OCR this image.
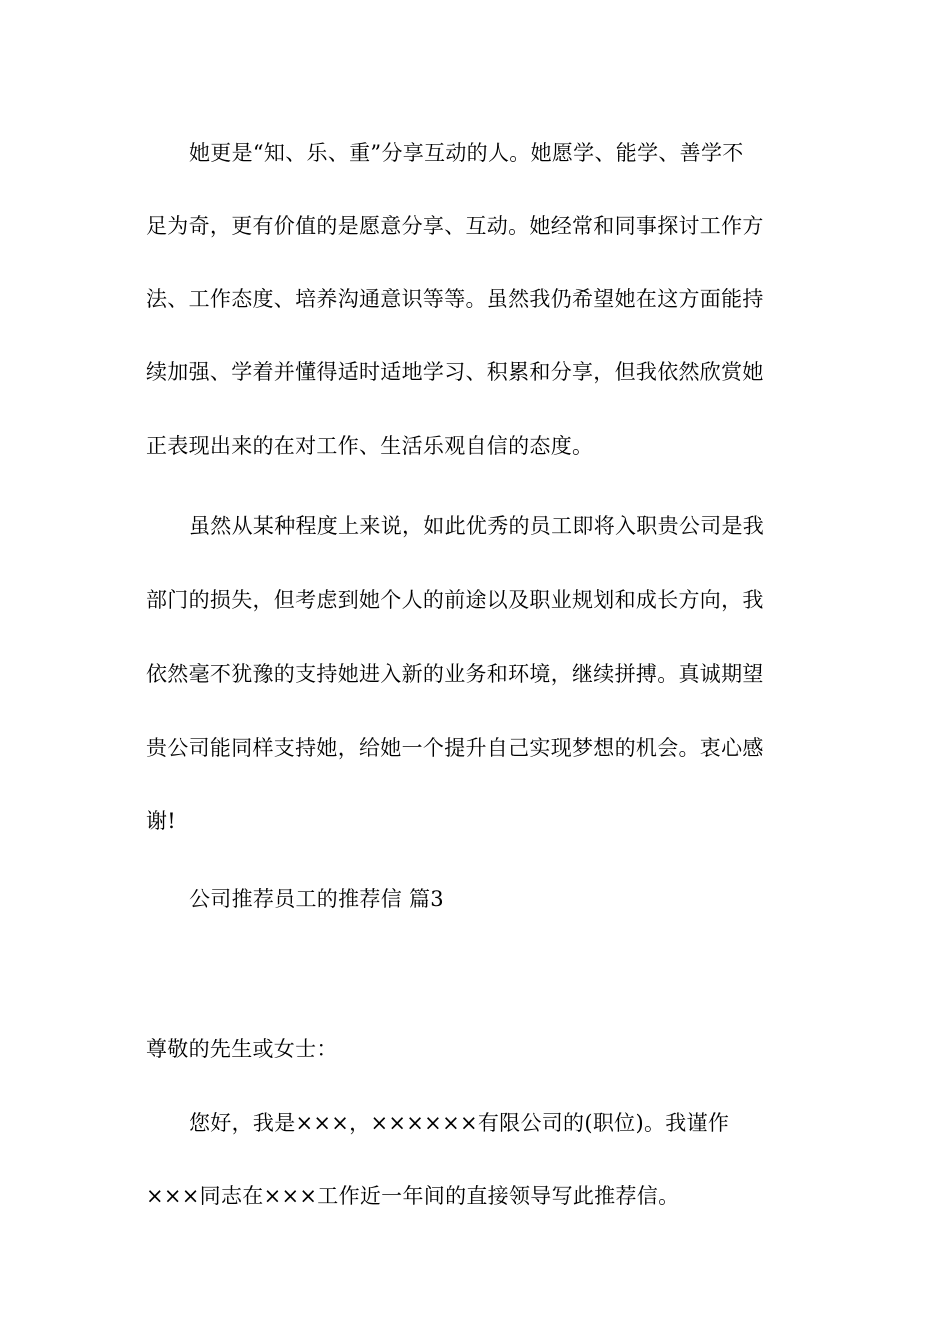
她更是“知、乐、重”分享互动的人。她愿学、能学、善学不
足为奇，更有价值的是愿意分享、互动。她经常和同事探讨工作方
法、工作态度、培养沟通意识等等。虽然我仍希望她在这方面能持
续加强、学着并懂得适时适地学习、积累和分享，但我依然欣赏她
正表现出来的在对工作、生活乐观自信的态度。
虽然从某种程度上来说，如此优秀的员工即将入职贵公司是我
部门的损失，但考虑到她个人的前途以及职业规划和成长方向，我
依然毫不犹豫的支持她进入新的业务和环境，继续拼搏。真诚期望
贵公司能同样支持她，给她一个提升自己实现梦想的机会。衷心感
谢!
公司推荐员工的推荐信 篇3
尊敬的先生或女士：
您好，我是×××，××××××有限公司的(职位)。我谨作
×××同志在×××工作近一年间的直接领导写此推荐信。
